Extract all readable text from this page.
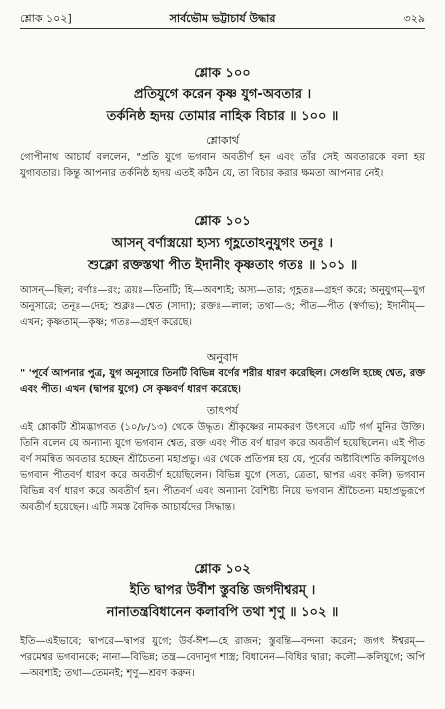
শ্লোক ১০২]	সার্বভৌম ভট্টাচার্য উদ্ধার	৩২৯
শ্লোক ১০০
প্রতিযুগে করেন কৃষ্ণ যুগ-অবতার ।
তর্কনিষ্ঠ হৃদয় তোমার নাহিক বিচার ॥ ১০০ ॥
শ্লোকার্থ

গোপীনাথ আচার্য বললেন, "প্রতি যুগে ভগবান অবতীর্ণ হন এবং তাঁর সেই অবতারকে বলা হয় যুগাবতার। কিন্তু আপনার তর্কনিষ্ঠ হৃদয় এতই কঠিন যে, তা বিচার করার ক্ষমতা আপনার নেই।

শ্লোক ১০১
আসন্ বর্ণাস্ত্রয়ো হ্যস্য গৃহ্ণতোঽনুযুগং তনূঃ ।
শুক্লো রক্তস্তথা পীত ইদানীং কৃষ্ণতাং গতঃ ॥ ১০১ ॥

আসন্—ছিল; বর্ণাঃ—রং; ত্রয়ঃ—তিনটি; হি—অবশ্যই; অস্য—তার; গৃহ্ণতঃ—গ্রহণ করে; অনুযুগম্—যুগ অনুসারে; তনূঃ—দেহ; শুক্লঃ—শ্বেত (সাদা); রক্তঃ—লাল; তথা—ও; পীত—পীত (স্বর্ণাভ); ইদানীম্—এখন; কৃষ্ণতাম্—কৃষ্ণ; গতঃ—গ্রহণ করেছে।

অনুবাদ

" 'পূর্বে আপনার পুত্র, যুগ অনুসারে তিনটি বিভিন্ন বর্ণের শরীর ধারণ করেছিল। সেগুলি হচ্ছে শ্বেত, রক্ত এবং পীত। এখন (দ্বাপর যুগে) সে কৃষ্ণবর্ণ ধারণ করেছে।

তাৎপর্য

এই শ্লোকটি শ্রীমদ্ভাগবত (১০/৮/১৩) থেকে উদ্ধৃত। শ্রীকৃষ্ণের নামকরণ উৎসবে এটি গর্গ মুনির উক্তি। তিনি বলেন যে অন্যান্য যুগে ভগবান শ্বেত, রক্ত এবং পীত বর্ণ ধারণ করে অবতীর্ণ হয়েছিলেন। এই পীত বর্ণ সমন্বিত অবতার হচ্ছেন শ্রীচৈতন্য মহাপ্রভু। এর থেকে প্রতিপন্ন হয় যে, পূর্বের অষ্টাবিংশতি কলিযুগেও ভগবান পীতবর্ণ ধারণ করে অবতীর্ণ হয়েছিলেন। বিভিন্ন যুগে (সত্য, ত্রেতা, দ্বাপর এবং কলি) ভগবান বিভিন্ন বর্ণ ধারণ করে অবতীর্ণ হন। পীতবর্ণ এবং অন্যান্য বৈশিষ্ট্য নিয়ে ভগবান শ্রীচৈতন্য মহাপ্রভুরূপে অবতীর্ণ হয়েছেন। এটি সমস্ত বৈদিক আচার্যদের সিদ্ধান্ত।

শ্লোক ১০২
ইতি দ্বাপর উর্বীশ স্তুবন্তি জগদীশ্বরম্ ।
নানাতন্ত্রবিধানেন কলাবপি তথা শৃণু ॥ ১০২ ॥

ইতি—এইভাবে; দ্বাপরে—দ্বাপর যুগে; উর্ব-ঈশ—হে রাজন; স্তুবন্তি—বন্দনা করেন; জগৎ ঈশ্বরম্—পরমেশ্বর ভগবানকে; নানা—বিভিন্ন; তন্ত্র—বেদানুগ শাস্ত্র; বিধানেন—বিধির দ্বারা; কলৌ—কলিযুগে; অপি—অবশ্যই; তথা—তেমনই; শৃণু—শ্রবণ করুন।
